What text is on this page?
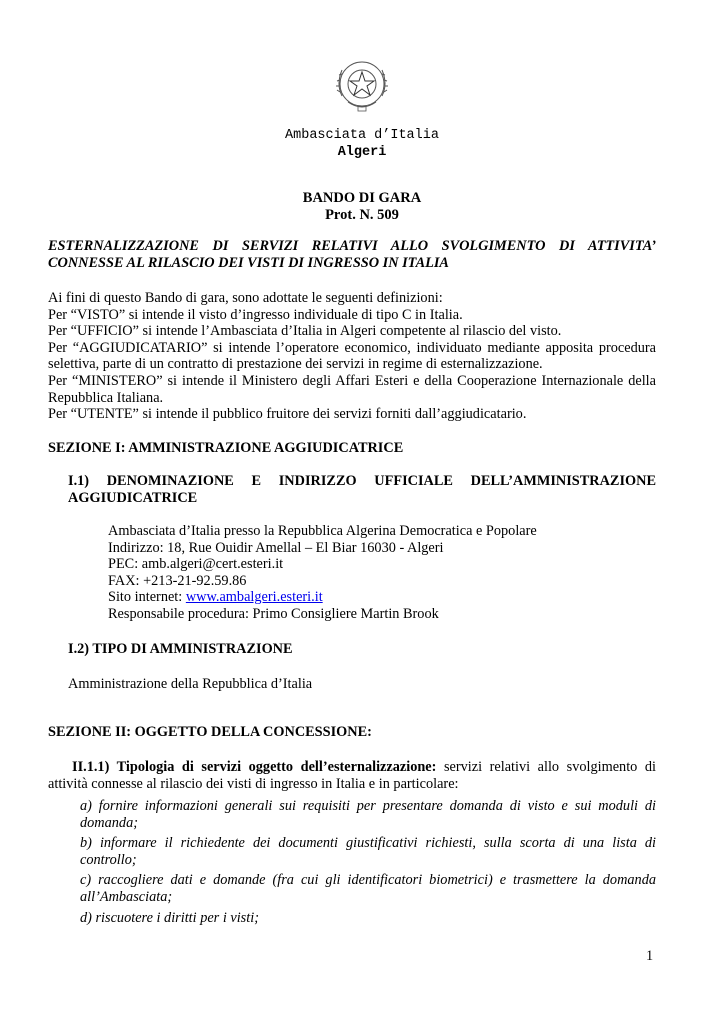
Ambasciata d’Italia
Algeri
BANDO DI GARA
Prot. N. 509
ESTERNALIZZAZIONE DI SERVIZI RELATIVI ALLO SVOLGIMENTO DI ATTIVITA’
CONNESSE AL RILASCIO DEI VISTI DI INGRESSO IN ITALIA
Ai fini di questo Bando di gara, sono adottate le seguenti definizioni:
Per “VISTO” si intende il visto d’ingresso individuale di tipo C in Italia.
Per “UFFICIO” si intende l’Ambasciata d’Italia in Algeri competente al rilascio del visto.
Per “AGGIUDICATARIO” si intende l’operatore economico, individuato mediante apposita procedura selettiva, parte di un contratto di prestazione dei servizi in regime di esternalizzazione.
Per “MINISTERO” si intende il Ministero degli Affari Esteri e della Cooperazione Internazionale della Repubblica Italiana.
Per “UTENTE” si intende il pubblico fruitore dei servizi forniti dall’aggiudicatario.
SEZIONE I: AMMINISTRAZIONE AGGIUDICATRICE
I.1) DENOMINAZIONE E INDIRIZZO UFFICIALE DELL’AMMINISTRAZIONE
AGGIUDICATRICE
Ambasciata d’Italia presso la Repubblica Algerina Democratica e Popolare
Indirizzo: 18, Rue Ouidir Amellal – El Biar 16030 - Algeri
PEC: amb.algeri@cert.esteri.it
FAX: +213-21-92.59.86
Sito internet: www.ambalgeri.esteri.it
Responsabile procedura: Primo Consigliere Martin Brook
I.2) TIPO DI AMMINISTRAZIONE
Amministrazione della Repubblica d’Italia
SEZIONE II: OGGETTO DELLA CONCESSIONE:
II.1.1) Tipologia di servizi oggetto dell’esternalizzazione: servizi relativi allo svolgimento di
attività connesse al rilascio dei visti di ingresso in Italia e in particolare:
a) fornire informazioni generali sui requisiti per presentare domanda di visto e sui moduli di domanda;
b) informare il richiedente dei documenti giustificativi richiesti, sulla scorta di una lista di controllo;
c) raccogliere dati e domande (fra cui gli identificatori biometrici) e trasmettere la domanda all’Ambasciata;
d) riscuotere i diritti per i visti;
1
